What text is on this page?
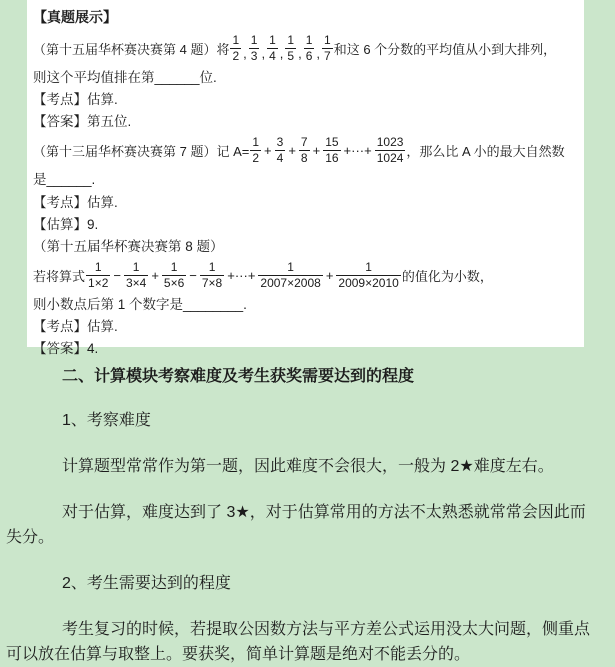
【真题展示】

（第十五届华杯赛决赛第 4 题）将 $\frac{1}{2}$ , $\frac{1}{3}$ , $\frac{1}{4}$ , $\frac{1}{5}$ , $\frac{1}{6}$ , $\frac{1}{7}$ 和这 6 个分数的平均值从小到大排列，

则这个平均值排在第______位.

【考点】估算.

【答案】第五位.

（第十三届华杯赛决赛第 7 题）记 $A= \frac{1}{2} + \frac{3}{4} + \frac{7}{8} + \frac{15}{16}$ +···+ $\frac{1023}{1024}$ ，那么比 A 小的最大自然数

是______.

【考点】估算.

【估算】9.

（第十五届华杯赛决赛第 8 题）

若将算式 $\frac{1}{1\times 2} - \frac{1}{3\times 4} + \frac{1}{5\times 6} - \frac{1}{7\times 8}$ +···+ $\frac{1}{2007\times 2008} + \frac{1}{2009\times 2010}$ 的值化为小数，

则小数点后第 1 个数字是________.

【考点】估算.

【答案】4.

二、计算模块考察难度及考生获奖需要达到的程度

1、考察难度

计算题型常常作为第一题，因此难度不会很大，一般为 2★难度左右。

对于估算，难度达到了 3★，对于估算常用的方法不太熟悉就常常会因此而失分。

2、考生需要达到的程度

考生复习的时候，若提取公因数方法与平方差公式运用没太大问题，侧重点可以放在估算与取整上。要获奖，简单计算题是绝对不能丢分的。
